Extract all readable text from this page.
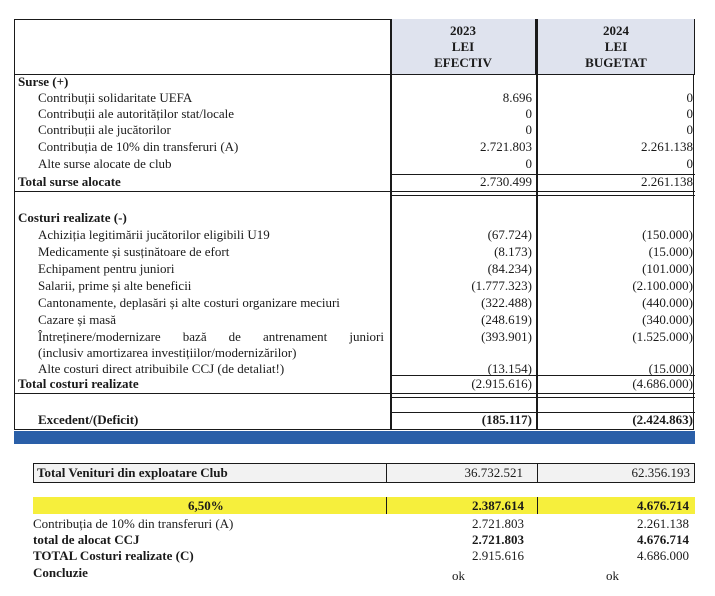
2023
LEI
EFECTIV
2024
LEI
BUGETAT
Surse (+)
Contribuții solidaritate UEFA	8.696	0
Contribuții ale autorităților stat/locale	0	0
Contribuții ale jucătorilor	0	0
Contribuția de 10% din transferuri (A)	2.721.803	2.261.138
Alte surse alocate de club	0	0
Total surse alocate	2.730.499	2.261.138
Costuri realizate (-)
Achiziția legitimării jucătorilor eligibili U19	(67.724)	(150.000)
Medicamente și susținătoare de efort	(8.173)	(15.000)
Echipament pentru juniori	(84.234)	(101.000)
Salarii, prime și alte beneficii	(1.777.323)	(2.100.000)
Cantonamente, deplasări și alte costuri organizare meciuri	(322.488)	(440.000)
Cazare și masă	(248.619)	(340.000)
Întreținere/modernizare bază de antrenament juniori	(393.901)	(1.525.000)
(inclusiv amortizarea investițiilor/modernizărilor)
Alte costuri direct atribuibile CCJ (de detaliat!)	(13.154)	(15.000)
Total costuri realizate	(2.915.616)	(4.686.000)
Excedent/(Deficit)	(185.117)	(2.424.863)
Total Venituri din exploatare Club	36.732.521	62.356.193
6,50%	2.387.614	4.676.714
Contribuția de 10% din transferuri (A)	2.721.803	2.261.138
total de alocat CCJ	2.721.803	4.676.714
TOTAL Costuri realizate (C)	2.915.616	4.686.000
Concluzie	ok	ok
